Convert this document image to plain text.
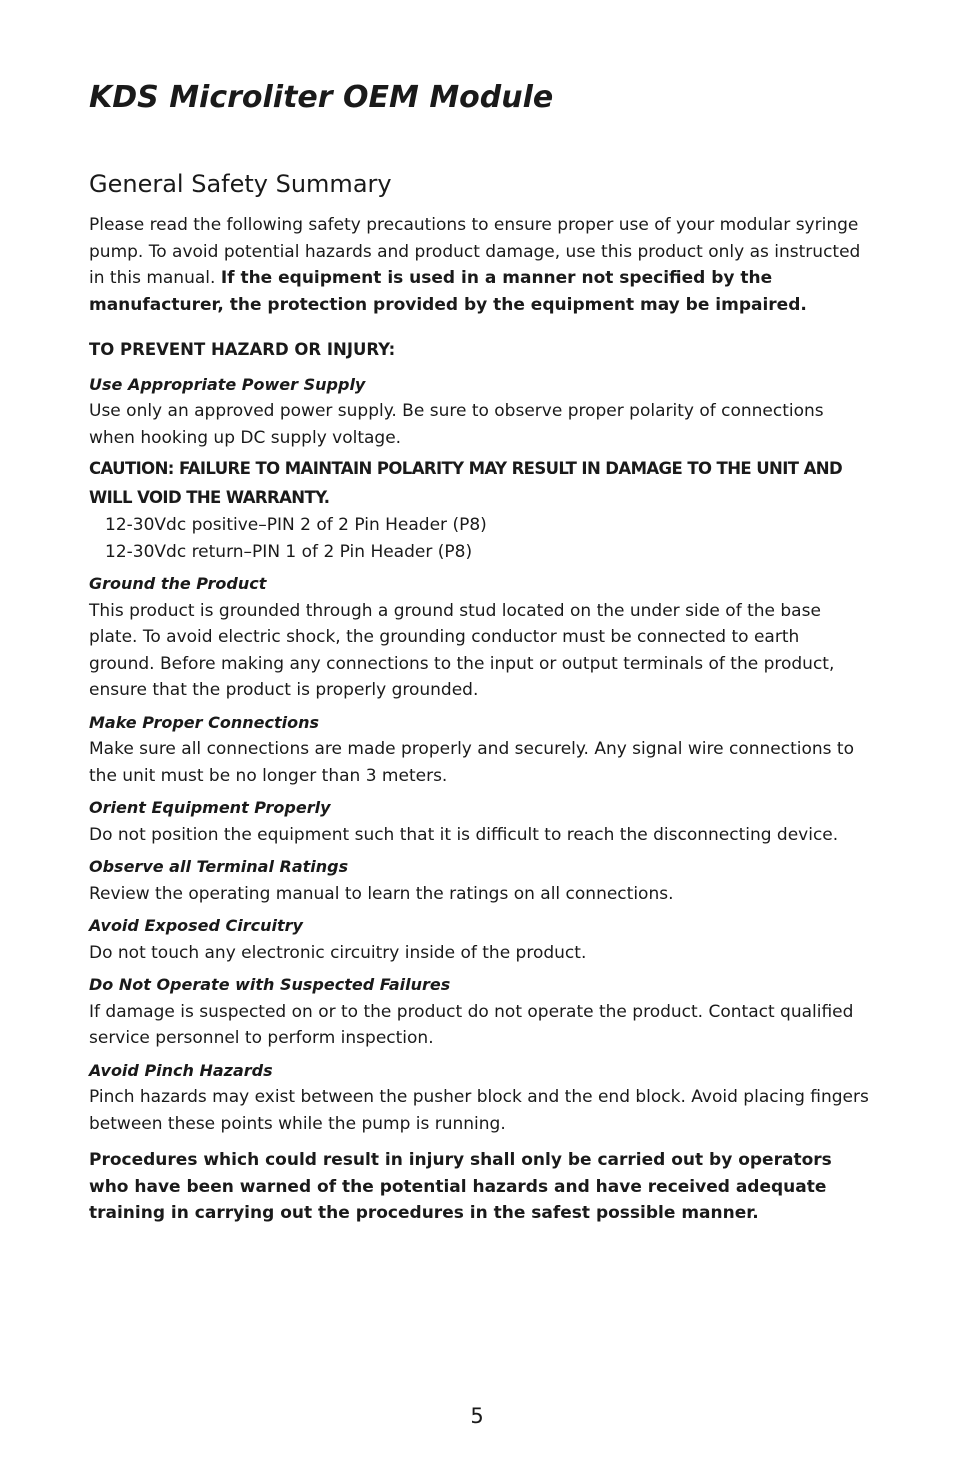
KDS Microliter OEM Module
General Safety Summary

Please read the following safety precautions to ensure proper use of your modular syringe pump. To avoid potential hazards and product damage, use this product only as instructed in this manual. If the equipment is used in a manner not specified by the manufacturer, the protection provided by the equipment may be impaired.

TO PREVENT HAZARD OR INJURY:

Use Appropriate Power Supply

Use only an approved power supply. Be sure to observe proper polarity of connections when hooking up DC supply voltage.

CAUTION: FAILURE TO MAINTAIN POLARITY MAY RESULT IN DAMAGE TO THE UNIT AND WILL VOID THE WARRANTY.

12-30Vdc positive–PIN 2 of 2 Pin Header (P8)

12-30Vdc return–PIN 1 of 2 Pin Header (P8)

Ground the Product

This product is grounded through a ground stud located on the under side of the base plate. To avoid electric shock, the grounding conductor must be connected to earth ground. Before making any connections to the input or output terminals of the product, ensure that the product is properly grounded.

Make Proper Connections

Make sure all connections are made properly and securely. Any signal wire connections to the unit must be no longer than 3 meters.

Orient Equipment Properly

Do not position the equipment such that it is difficult to reach the disconnecting device.

Observe all Terminal Ratings

Review the operating manual to learn the ratings on all connections.

Avoid Exposed Circuitry

Do not touch any electronic circuitry inside of the product.

Do Not Operate with Suspected Failures

If damage is suspected on or to the product do not operate the product. Contact qualified service personnel to perform inspection.

Avoid Pinch Hazards

Pinch hazards may exist between the pusher block and the end block. Avoid placing fingers between these points while the pump is running.

Procedures which could result in injury shall only be carried out by operators who have been warned of the potential hazards and have received adequate training in carrying out the procedures in the safest possible manner.

5
